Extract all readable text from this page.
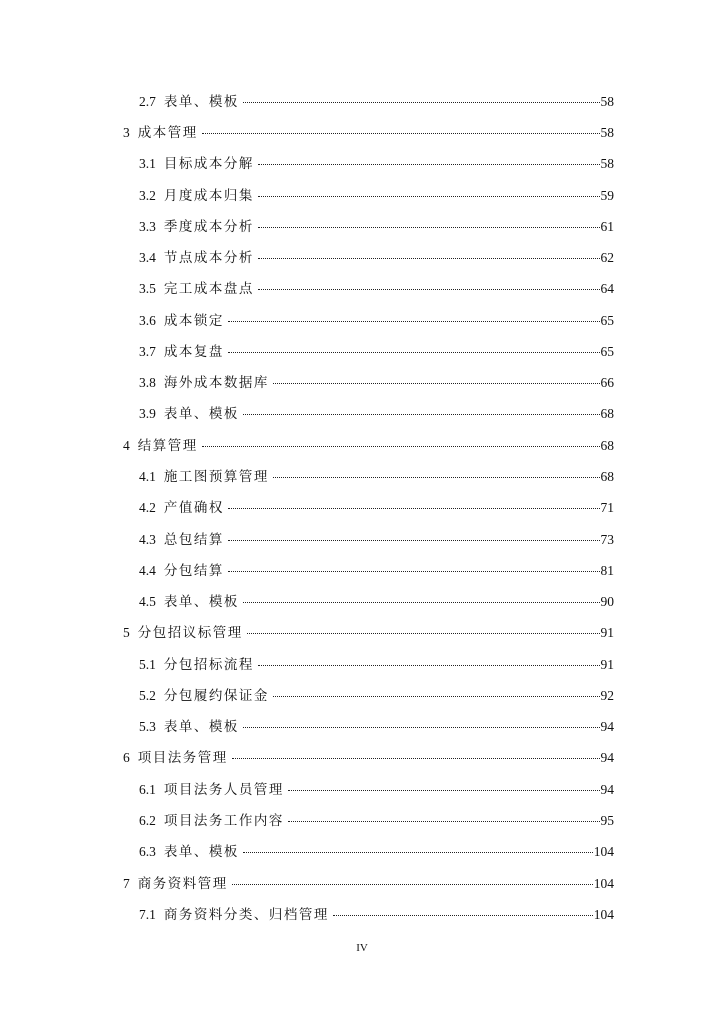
2.7 表单、模板	58
3 成本管理	58
3.1 目标成本分解	58
3.2 月度成本归集	59
3.3 季度成本分析	61
3.4 节点成本分析	62
3.5 完工成本盘点	64
3.6 成本锁定	65
3.7 成本复盘	65
3.8 海外成本数据库	66
3.9 表单、模板	68
4 结算管理	68
4.1 施工图预算管理	68
4.2 产值确权	71
4.3 总包结算	73
4.4 分包结算	81
4.5 表单、模板	90
5 分包招议标管理	91
5.1 分包招标流程	91
5.2 分包履约保证金	92
5.3 表单、模板	94
6 项目法务管理	94
6.1 项目法务人员管理	94
6.2 项目法务工作内容	95
6.3 表单、模板	104
7 商务资料管理	104
7.1 商务资料分类、归档管理	104
IV
